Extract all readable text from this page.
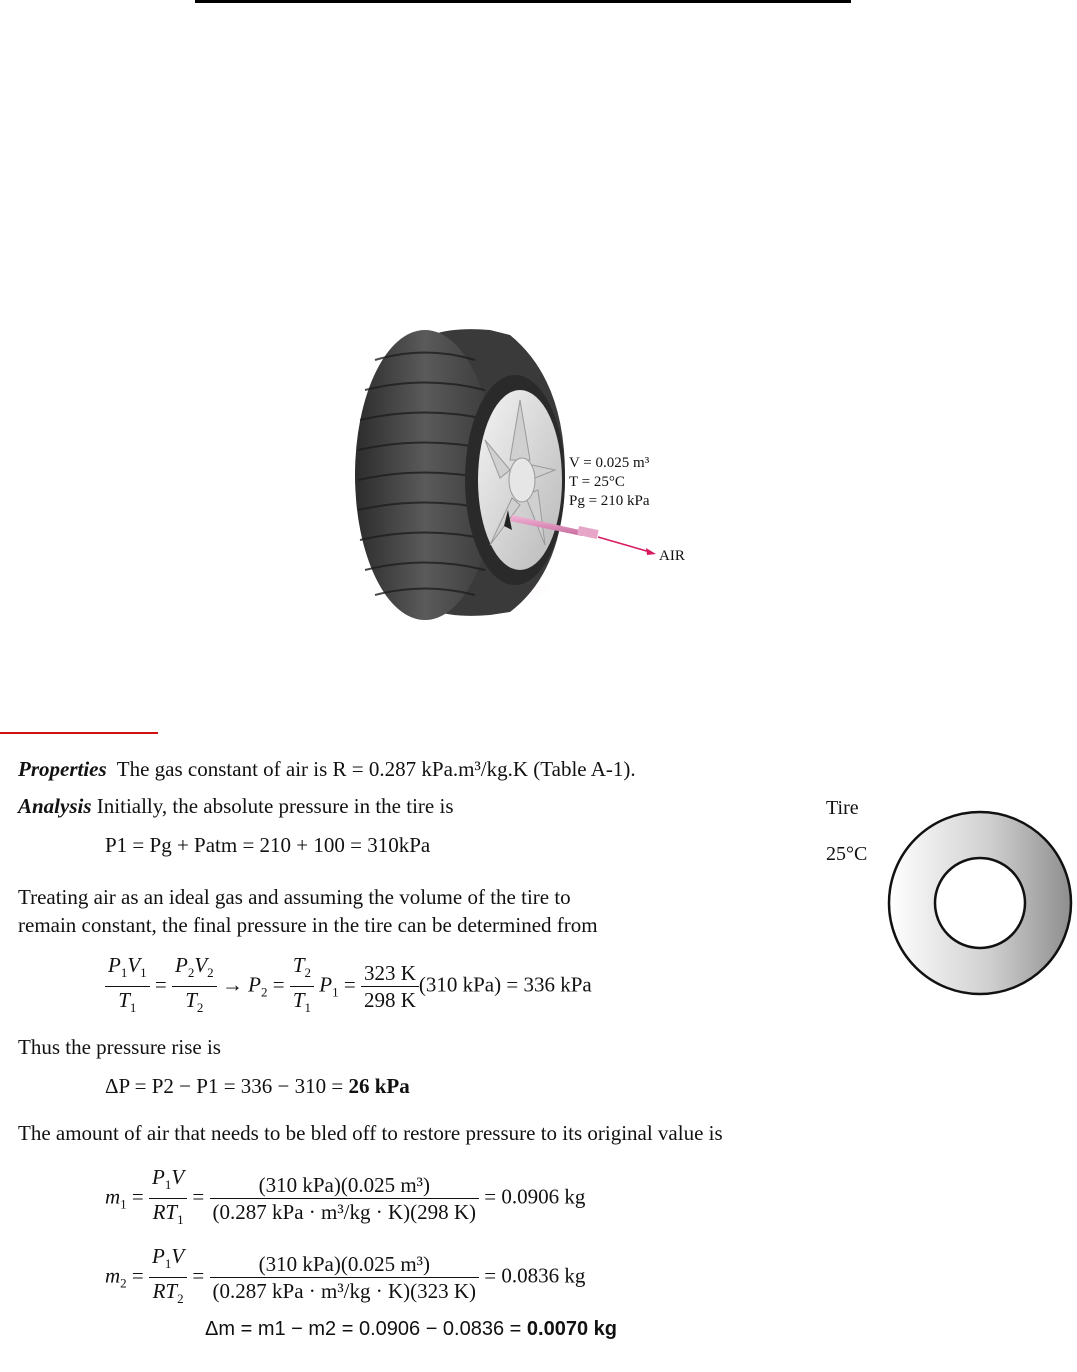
V = 0.025 m³
T = 25°C
Pg = 210 kPa
AIR
Properties The gas constant of air is R = 0.287 kPa.m³/kg.K (Table A-1).
Analysis Initially, the absolute pressure in the tire is
P1 = Pg + Patm = 210 + 100 = 310kPa
Treating air as an ideal gas and assuming the volume of the tire to
remain constant, the final pressure in the tire can be determined from
$\frac{P_1V_1}{T_1} = \frac{P_2V_2}{T_2} \to P_2 = \frac{T_2}{T_1} P_1 = \frac{323 K}{298 K} (310$ kPa) = 336 kPa
Thus the pressure rise is
ΔP = P2 − P1 = 336 − 310 = 26 kPa
The amount of air that needs to be bled off to restore pressure to its original value is
$m_1 = \frac{P_1V}{RT_1} = \frac{\text{(310 kPa)(0.025 m³)}}{\text{(0.287 kPa · m³/kg · K)(298 K)}} = 0.0906$ kg
$m_2 = \frac{P_1V}{RT_2} = \frac{\text{(310 kPa)(0.025 m³)}}{\text{(0.287 kPa · m³/kg · K)(323 K)}} = 0.0836$ kg
Δm = m1 − m2 = 0.0906 − 0.0836 = 0.0070 kg
Tire
25°C
